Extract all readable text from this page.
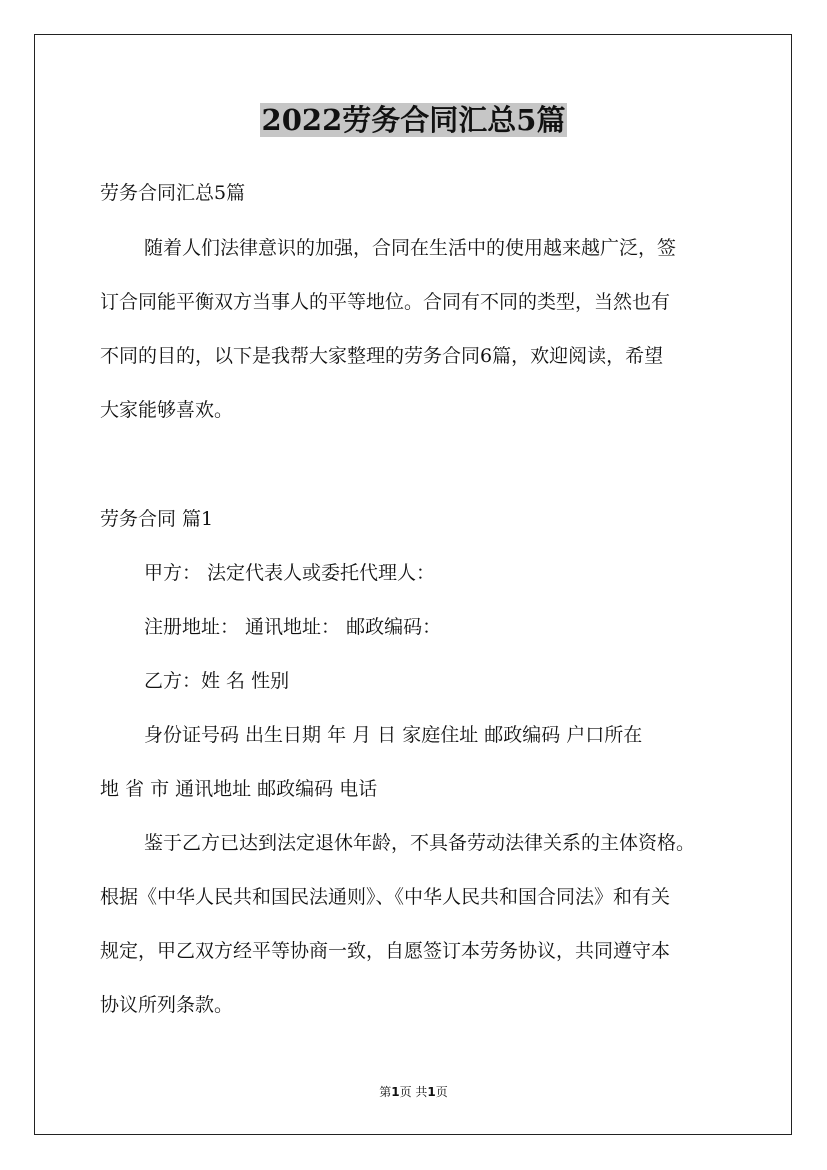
2022劳务合同汇总5篇
劳务合同汇总5篇
随着人们法律意识的加强，合同在生活中的使用越来越广泛，签
订合同能平衡双方当事人的平等地位。合同有不同的类型，当然也有
不同的目的，以下是我帮大家整理的劳务合同6篇，欢迎阅读，希望
大家能够喜欢。
劳务合同 篇1
甲方： 法定代表人或委托代理人：
注册地址： 通讯地址： 邮政编码：
乙方：姓 名 性别
身份证号码 出生日期 年 月 日 家庭住址 邮政编码 户口所在
地 省 市 通讯地址 邮政编码 电话
鉴于乙方已达到法定退休年龄，不具备劳动法律关系的主体资格。
根据《中华人民共和国民法通则》、《中华人民共和国合同法》和有关
规定，甲乙双方经平等协商一致，自愿签订本劳务协议，共同遵守本
协议所列条款。
第1页 共1页
